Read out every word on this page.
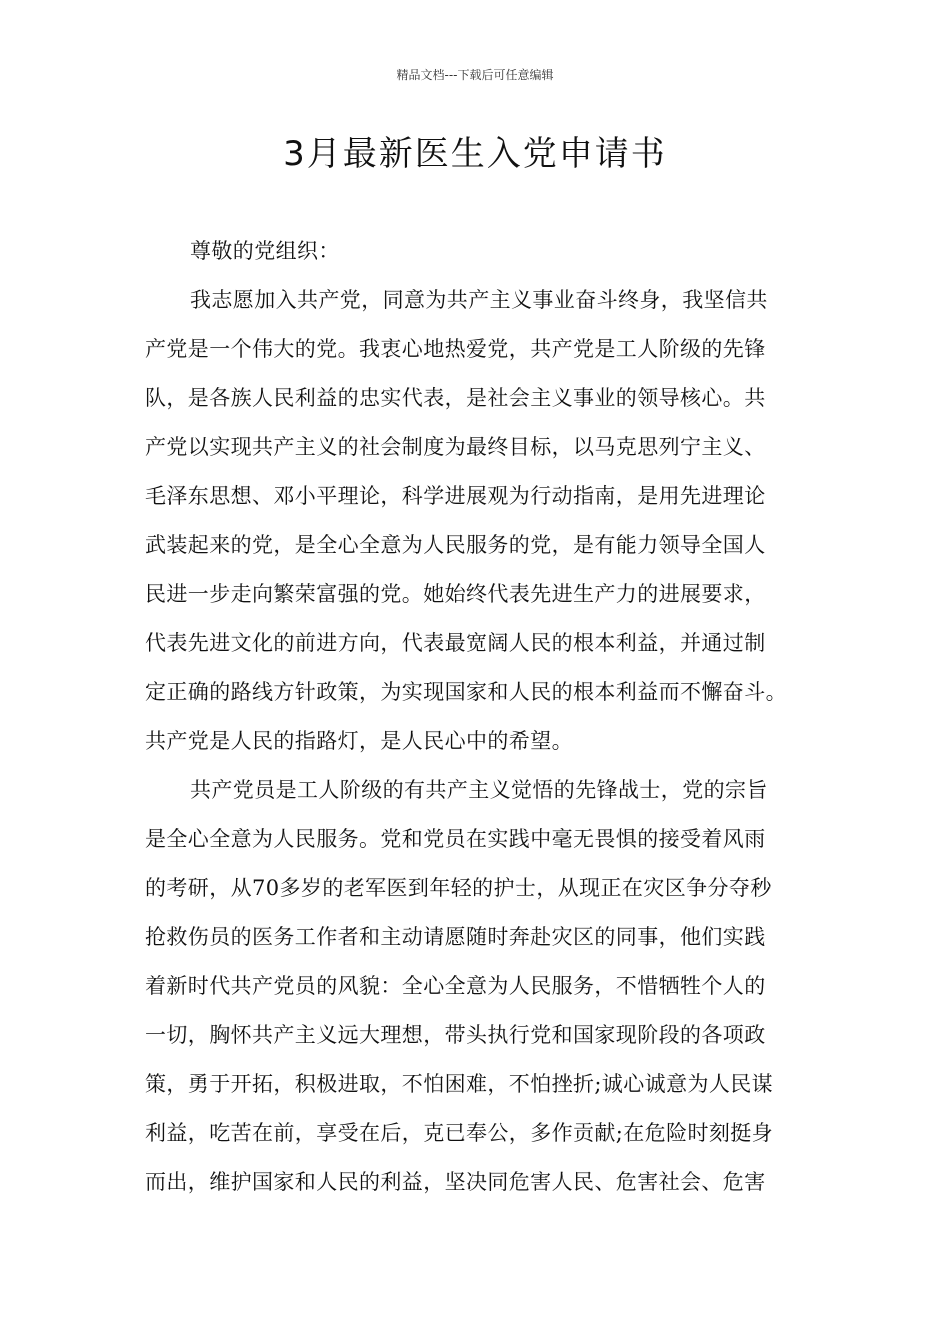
精品文档---下载后可任意编辑
3月最新医生入党申请书
尊敬的党组织：
我志愿加入共产党，同意为共产主义事业奋斗终身，我坚信共
产党是一个伟大的党。我衷心地热爱党，共产党是工人阶级的先锋
队，是各族人民利益的忠实代表，是社会主义事业的领导核心。共
产党以实现共产主义的社会制度为最终目标，以马克思列宁主义、
毛泽东思想、邓小平理论，科学进展观为行动指南，是用先进理论
武装起来的党，是全心全意为人民服务的党，是有能力领导全国人
民进一步走向繁荣富强的党。她始终代表先进生产力的进展要求，
代表先进文化的前进方向，代表最宽阔人民的根本利益，并通过制
定正确的路线方针政策，为实现国家和人民的根本利益而不懈奋斗。
共产党是人民的指路灯，是人民心中的希望。
共产党员是工人阶级的有共产主义觉悟的先锋战士，党的宗旨
是全心全意为人民服务。党和党员在实践中毫无畏惧的接受着风雨
的考研，从70多岁的老军医到年轻的护士，从现正在灾区争分夺秒
抢救伤员的医务工作者和主动请愿随时奔赴灾区的同事，他们实践
着新时代共产党员的风貌：全心全意为人民服务，不惜牺牲个人的
一切，胸怀共产主义远大理想，带头执行党和国家现阶段的各项政
策，勇于开拓，积极进取，不怕困难，不怕挫折;诚心诚意为人民谋
利益，吃苦在前，享受在后，克已奉公，多作贡献;在危险时刻挺身
而出，维护国家和人民的利益，坚决同危害人民、危害社会、危害
